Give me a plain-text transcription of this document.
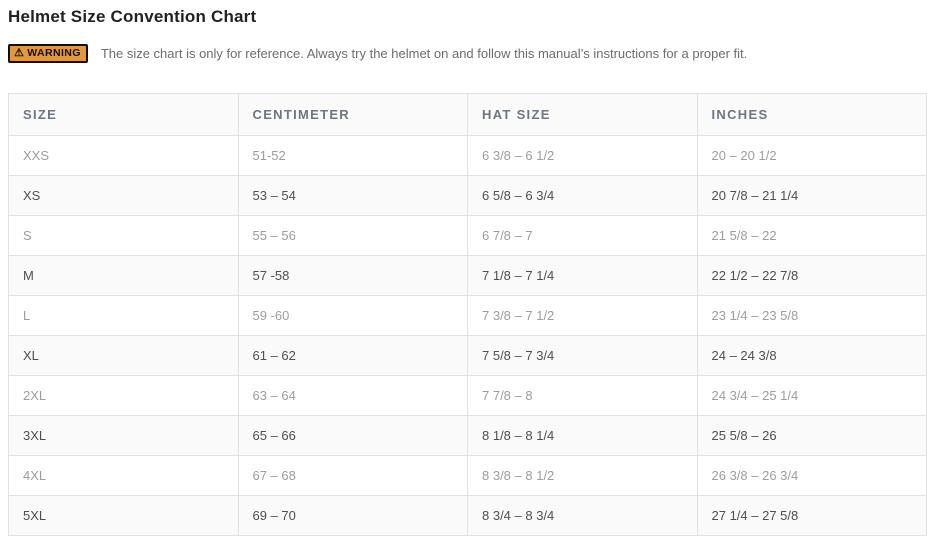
Helmet Size Convention Chart
⚠ WARNING The size chart is only for reference. Always try the helmet on and follow this manual’s instructions for a proper fit.
SIZE	CENTIMETER	HAT SIZE	INCHES
XXS	51-52	6 3/8 – 6 1/2	20 – 20 1/2
XS	53 – 54	6 5/8 – 6 3/4	20 7/8 – 21 1/4
S	55 – 56	6 7/8 – 7	21 5/8 – 22
M	57 -58	7 1/8 – 7 1/4	22 1/2 – 22 7/8
L	59 -60	7 3/8 – 7 1/2	23 1/4 – 23 5/8
XL	61 – 62	7 5/8 – 7 3/4	24 – 24 3/8
2XL	63 – 64	7 7/8 – 8	24 3/4 – 25 1/4
3XL	65 – 66	8 1/8 – 8 1/4	25 5/8 – 26
4XL	67 – 68	8 3/8 – 8 1/2	26 3/8 – 26 3/4
5XL	69 – 70	8 3/4 – 8 3/4	27 1/4 – 27 5/8
